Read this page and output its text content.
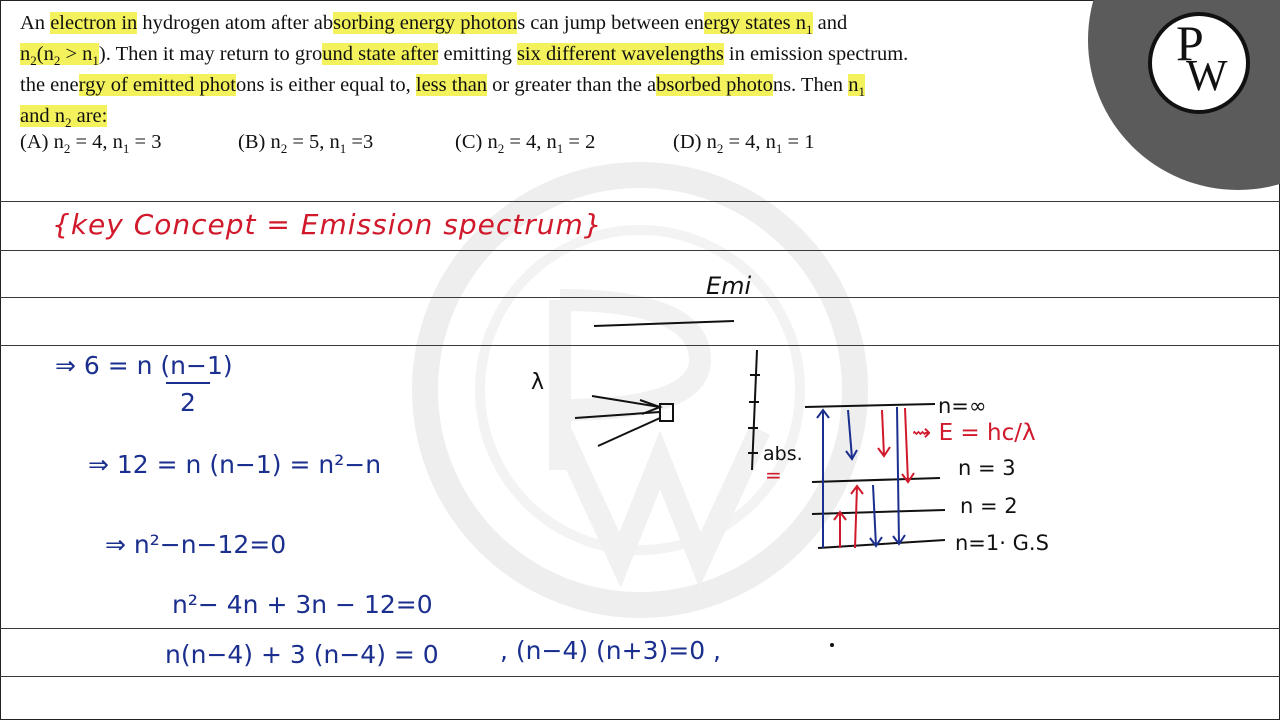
An electron in hydrogen atom after absorbing energy photons can jump between energy states $n_1$ and

$n_2(n_2 > n_1)$. Then it may return to ground state after emitting six different wavelengths in emission spectrum.

the energy of emitted photons is either equal to, less than or greater than the absorbed photons. Then $n_1$

and $n_2$ are:

(A) $n_2 = 4$, $n_1 = 3$	(B) $n_2 = 5$, $n_1 =3$	(C) $n_2 = 4$, $n_1 = 2$	(D) $n_2 = 4$, $n_1 = 1$
P
W
{key Concept = Emission spectrum}
Emi
λ
⇒ 6 = n (n−1)
2
⇒ 12 = n (n−1) = n²−n
⇒ n²−n−12=0
n²− 4n + 3n − 12=0
n(n−4) + 3 (n−4) = 0 , (n−4) (n+3)=0 ,
abs.
=
n=∞
⇝ E = hc/λ
n = 3
n = 2
n=1· G.S
